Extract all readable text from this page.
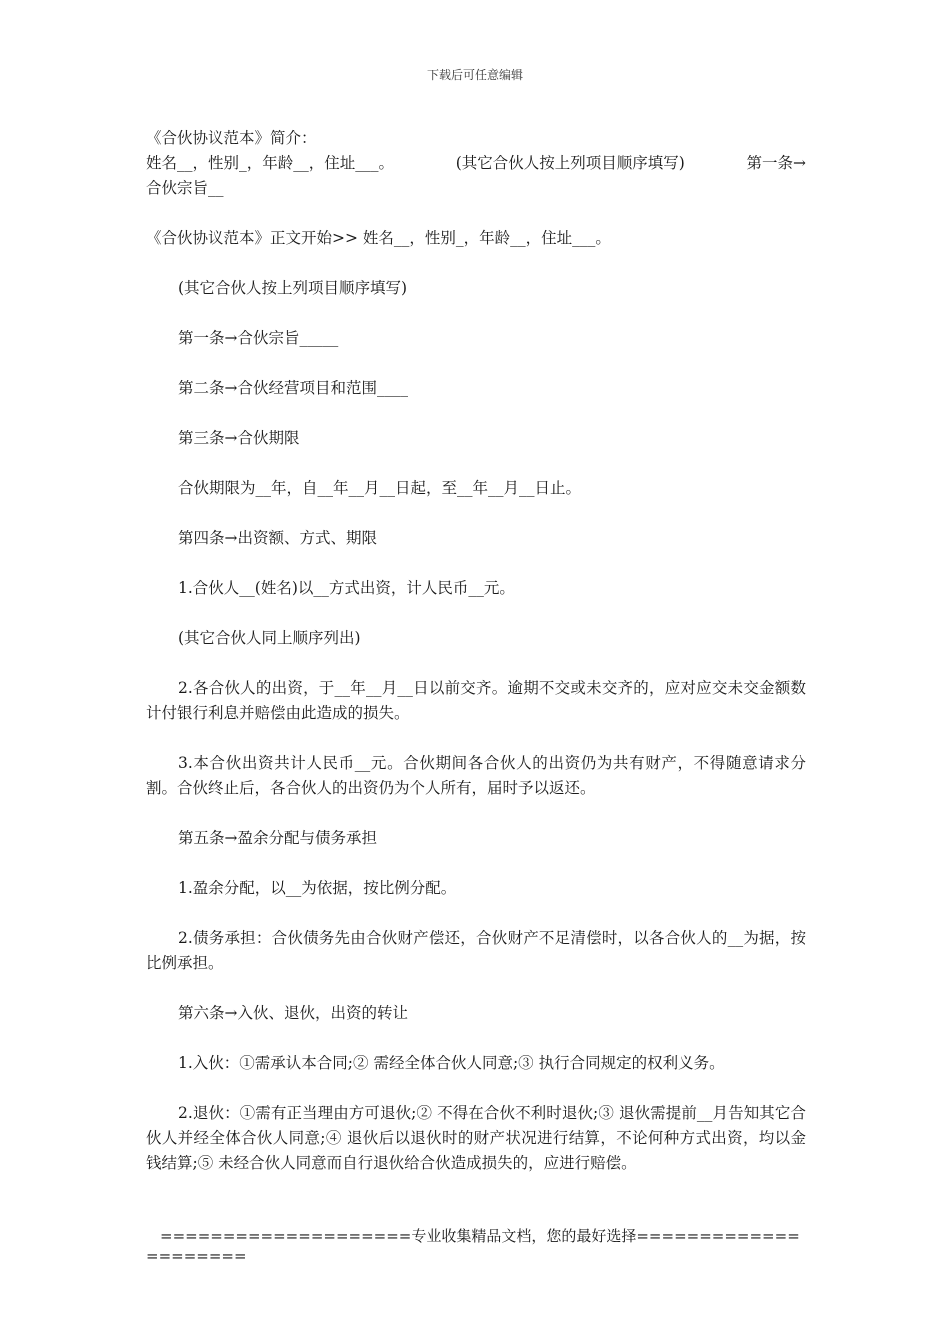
下载后可任意编辑
《合伙协议范本》简介：
姓名__，性别_，年龄__，住址___。	(其它合伙人按上列项目顺序填写)	第一条→
合伙宗旨__
《合伙协议范本》正文开始>> 姓名__，性别_，年龄__，住址___。
(其它合伙人按上列项目顺序填写)
第一条→合伙宗旨_____
第二条→合伙经营项目和范围____
第三条→合伙期限
合伙期限为__年，自__年__月__日起，至__年__月__日止。
第四条→出资额、方式、期限
1.合伙人__(姓名)以__方式出资，计人民币__元。
(其它合伙人同上顺序列出)
2.各合伙人的出资，于__年__月__日以前交齐。逾期不交或未交齐的，应对应交未交金额数计付银行利息并赔偿由此造成的损失。
3.本合伙出资共计人民币__元。合伙期间各合伙人的出资仍为共有财产，不得随意请求分割。合伙终止后，各合伙人的出资仍为个人所有，届时予以返还。
第五条→盈余分配与债务承担
1.盈余分配，以__为依据，按比例分配。
2.债务承担：合伙债务先由合伙财产偿还，合伙财产不足清偿时，以各合伙人的__为据，按比例承担。
第六条→入伙、退伙，出资的转让
1.入伙：①需承认本合同;② 需经全体合伙人同意;③ 执行合同规定的权利义务。
2.退伙：①需有正当理由方可退伙;② 不得在合伙不利时退伙;③ 退伙需提前__月告知其它合伙人并经全体合伙人同意;④ 退伙后以退伙时的财产状况进行结算，不论何种方式出资，均以金钱结算;⑤ 未经合伙人同意而自行退伙给合伙造成损失的，应进行赔偿。
====================专业收集精品文档，您的最好选择=====================
